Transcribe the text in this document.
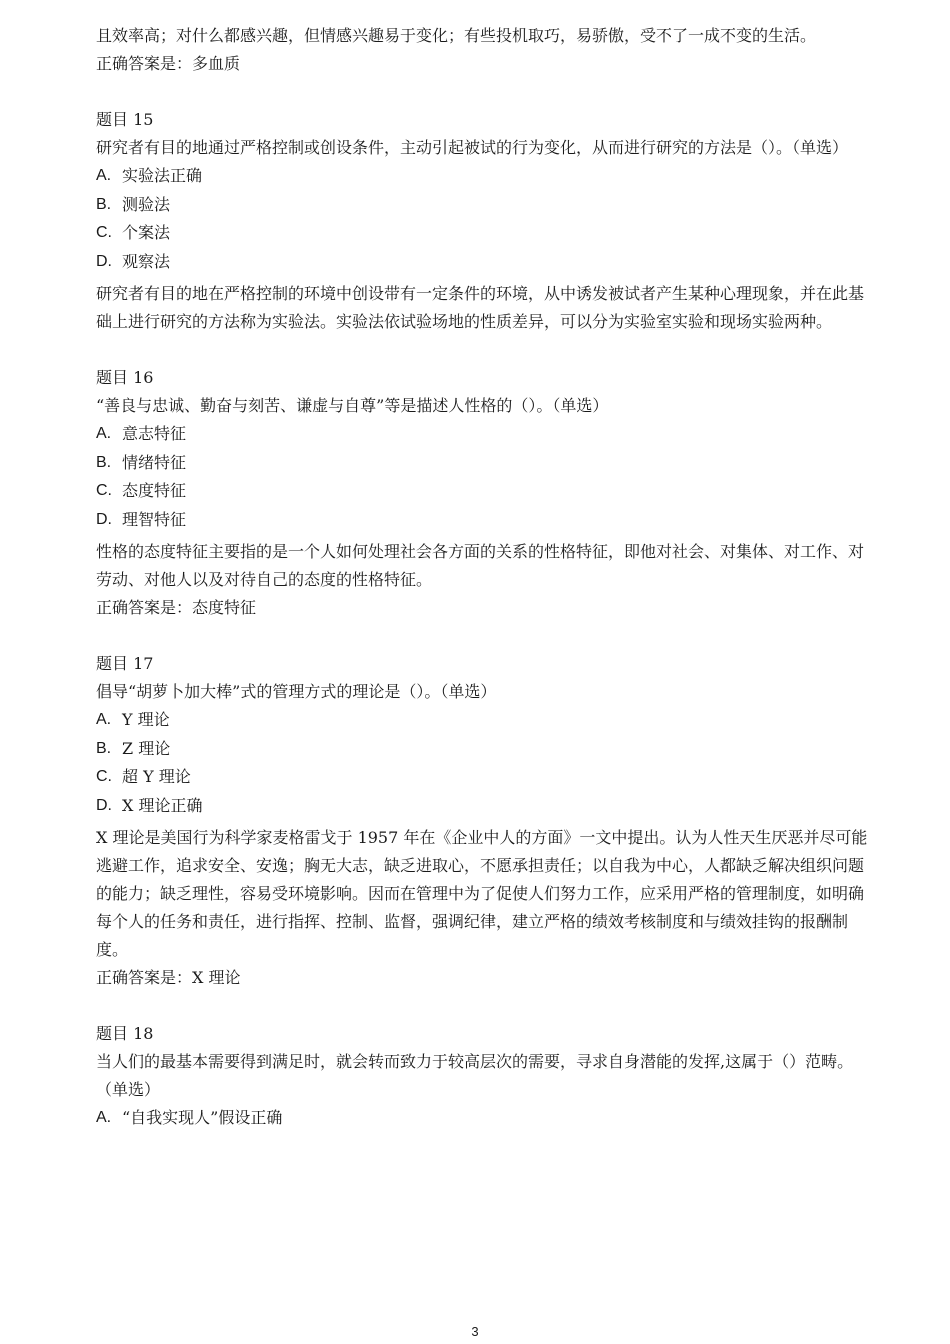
且效率高；对什么都感兴趣，但情感兴趣易于变化；有些投机取巧，易骄傲，受不了一成不变的生活。

正确答案是：多血质

题目 15

研究者有目的地通过严格控制或创设条件，主动引起被试的行为变化，从而进行研究的方法是（）。（单选）

A. 实验法正确
B. 测验法
C. 个案法
D. 观察法

研究者有目的地在严格控制的环境中创设带有一定条件的环境，从中诱发被试者产生某种心理现象，并在此基础上进行研究的方法称为实验法。实验法依试验场地的性质差异，可以分为实验室实验和现场实验两种。

题目 16

“善良与忠诚、勤奋与刻苦、谦虚与自尊”等是描述人性格的（）。（单选）

A. 意志特征
B. 情绪特征
C. 态度特征
D. 理智特征

性格的态度特征主要指的是一个人如何处理社会各方面的关系的性格特征，即他对社会、对集体、对工作、对劳动、对他人以及对待自己的态度的性格特征。

正确答案是：态度特征

题目 17

倡导“胡萝卜加大棒”式的管理方式的理论是（）。（单选）

A. Y 理论
B. Z 理论
C. 超 Y 理论
D. X 理论正确

X 理论是美国行为科学家麦格雷戈于 1957 年在《企业中人的方面》一文中提出。认为人性天生厌恶并尽可能逃避工作，追求安全、安逸；胸无大志，缺乏进取心，不愿承担责任；以自我为中心，人都缺乏解决组织问题的能力；缺乏理性，容易受环境影响。因而在管理中为了促使人们努力工作，应采用严格的管理制度，如明确每个人的任务和责任，进行指挥、控制、监督，强调纪律，建立严格的绩效考核制度和与绩效挂钩的报酬制度。

正确答案是：X 理论

题目 18

当人们的最基本需要得到满足时，就会转而致力于较高层次的需要，寻求自身潜能的发挥,这属于（）范畴。（单选）

A. “自我实现人”假设正确
3
